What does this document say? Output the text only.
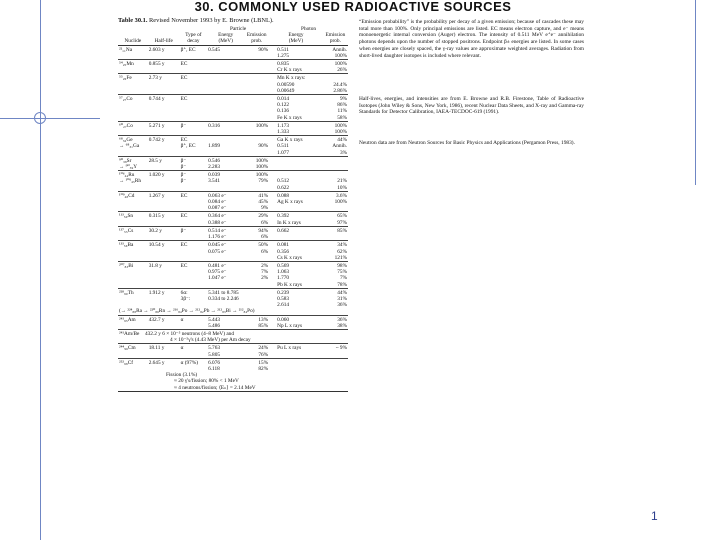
30. COMMONLY USED RADIOACTIVE SOURCES
Table 30.1. Revised November 1993 by E. Browne (LBNL).
			Particle		Photon	
		Type of	Energy	Emission	Energy	Emission
Nuclide	Half-life	decay	(MeV)	prob.	(MeV)	prob.
²²₁₁Na	2.603 y	β⁺, EC	0.545	90%	0.511	Annih.
					1.275	100%
⁵⁴₂₅Mn	0.855 y	EC			0.835	100%
					Cr K x rays	26%
⁵⁵₂₆Fe	2.73 y	EC			Mn K x rays:	
					0.00590	24.4%
					0.00649	2.86%
⁵⁷₂₇Co	0.744 y	EC			0.014	9%
					0.122	86%
					0.136	11%
					Fe K x rays	58%
⁶⁰₂₇Co	5.271 y	β⁻	0.316	100%	1.173	100%
					1.333	100%
⁶⁸₃₂Ge	0.742 y	EC			Ga K x rays	44%
→ ⁶⁸₃₁Ga		β⁺, EC	1.899	90%	0.511	Annih.
					1.077	3%
⁹⁰₃₈Sr	28.5 y	β⁻	0.546	100%		
→ ⁹⁰₃₉Y		β⁻	2.283	100%		
¹⁰⁶₄₄Ru	1.020 y	β⁻	0.039	100%		
→ ¹⁰⁶₄₅Rh		β⁻	3.541	79%	0.512	21%
					0.622	10%
¹⁰⁹₄₈Cd	1.267 y	EC	0.063 e⁻	41%	0.088	3.6%
			0.084 e⁻	45%	Ag K x rays	100%
			0.087 e⁻	9%		
¹¹³₅₀Sn	0.315 y	EC	0.364 e⁻	29%	0.392	65%
			0.388 e⁻	6%	In K x rays	97%
¹³⁷₅₅Cs	30.2 y	β⁻	0.514 e⁻	94%	0.662	85%
			1.176 e⁻	6%		
¹³³₅₆Ba	10.54 y	EC	0.045 e⁻	50%	0.081	34%
			0.075 e⁻	6%	0.356	62%
					Cs K x rays	121%
²⁰⁷₈₃Bi	31.8 y	EC	0.481 e⁻	2%	0.569	98%
			0.975 e⁻	7%	1.063	75%
			1.047 e⁻	2%	1.770	7%
					Pb K x rays	78%
²²⁸₉₀Th	1.912 y	6α:	5.341 to 8.785		0.239	44%
		3β⁻:	0.334 to 2.246		0.583	31%
					2.614	36%
(→ ²²⁴₈₈Ra → ²²⁰₈₆Rn → ²¹⁶₈₄Po → ²¹²₈₂Pb → ²¹²₈₃Bi → ²¹²₈₄Po)						
²⁴¹₉₅Am	432.7 y	α	5.443	13%	0.060	36%
			5.486	85%	Np L x rays	38%
²⁴¹Am/Be 432.2 y 6 × 10⁻⁵ neutrons (4–8 MeV) and						
4 × 10⁻⁵γ's (4.43 MeV) per Am decay						
²⁴⁴₉₆Cm	18.11 y	α	5.763	24%	Pu L x rays	~ 9%
			5.805	76%		
²⁵²₉₈Cf	2.645 y	α (97%)	6.076	15%		
			6.118	82%		
Fission (3.1%)						
≈ 20 γ's/fission; 80% < 1 MeV						
≈ 4 neutrons/fission; ⟨Eₙ⟩ = 2.14 MeV						

“Emission probability” is the probability per decay of a given emission; because of cascades these may total more than 100%. Only principal emissions are listed. EC means electron capture, and e⁻ means monoenergetic internal conversion (Auger) electron. The intensity of 0.511 MeV e⁺e⁻ annihilation photons depends upon the number of stopped positrons. Endpoint β± energies are listed. In some cases when energies are closely spaced, the γ-ray values are approximate weighted averages. Radiation from short-lived daughter isotopes is included where relevant.
Half-lives, energies, and intensities are from E. Browne and R.B. Firestone, Table of Radioactive Isotopes (John Wiley & Sons, New York, 1986), recent Nuclear Data Sheets, and X-ray and Gamma-ray Standards for Detector Calibration, IAEA-TECDOC-619 (1991).
Neutron data are from Neutron Sources for Basic Physics and Applications (Pergamon Press, 1983).
1
